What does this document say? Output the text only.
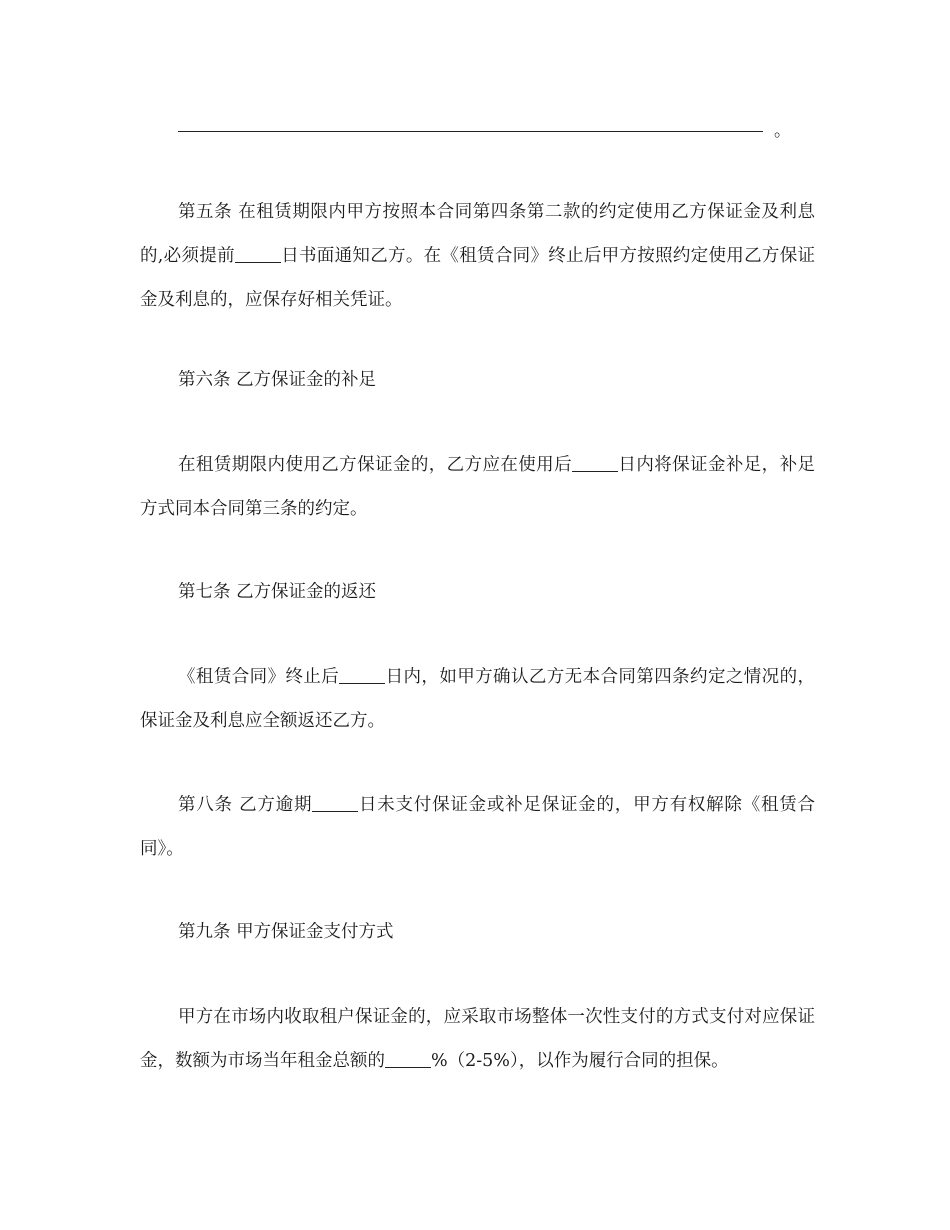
。

第五条 在租赁期限内甲方按照本合同第四条第二款的约定使用乙方保证金及利息的,必须提前	日书面通知乙方。在《租赁合同》终止后甲方按照约定使用乙方保证金及利息的，应保存好相关凭证。

第六条 乙方保证金的补足

在租赁期限内使用乙方保证金的，乙方应在使用后	日内将保证金补足，补足方式同本合同第三条的约定。

第七条 乙方保证金的返还

《租赁合同》终止后	日内，如甲方确认乙方无本合同第四条约定之情况的，保证金及利息应全额返还乙方。

第八条 乙方逾期	日未支付保证金或补足保证金的，甲方有权解除《租赁合同》。

第九条 甲方保证金支付方式

甲方在市场内收取租户保证金的，应采取市场整体一次性支付的方式支付对应保证金，数额为市场当年租金总额的	%（2-5%），以作为履行合同的担保。
